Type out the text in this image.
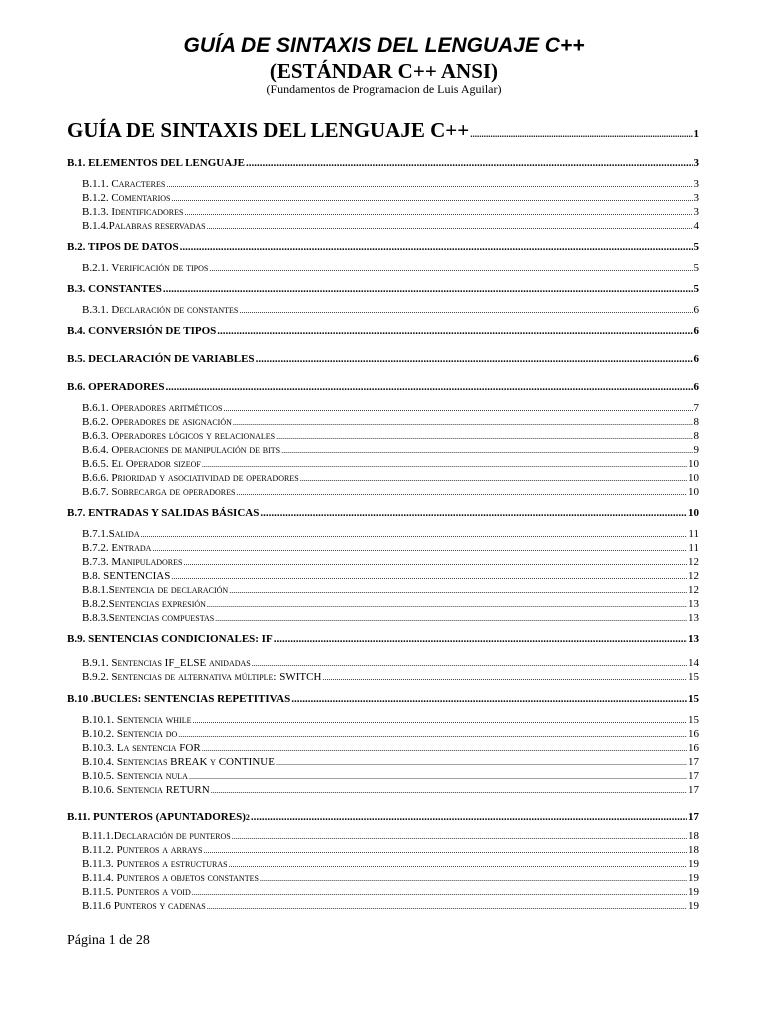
GUÍA DE SINTAXIS DEL LENGUAJE C++
(ESTÁNDAR C++ ANSI)
(Fundamentos de Programacion de Luis Aguilar)
GUÍA DE SINTAXIS DEL LENGUAJE C++ .....	1
B.1. ELEMENTOS DEL LENGUAJE .....	3
B.1.1. Caracteres .....	3
B.1.2. Comentarios .....	3
B.1.3. Identificadores .....	3
B.1.4.Palabras reservadas .....	4
B.2. TIPOS DE DATOS .....	5
B.2.1. Verificación de tipos .....	5
B.3. CONSTANTES .....	5
B.3.1. Declaración de constantes .....	6
B.4. CONVERSIÓN DE TIPOS .....	6
B.5. DECLARACIÓN DE VARIABLES .....	6
B.6. OPERADORES .....	6
B.6.1. Operadores aritméticos .....	7
B.6.2. Operadores de asignación .....	8
B.6.3. Operadores lógicos y relacionales .....	8
B.6.4. Operaciones de manipulación de bits .....	9
B.6.5. El Operador sizeof .....	10
B.6.6. Prioridad y asociatividad de operadores .....	10
B.6.7. Sobrecarga de operadores .....	10
B.7. ENTRADAS Y SALIDAS BÁSICAS .....	10
B.7.1.Salida .....	11
B.7.2. Entrada .....	11
B.7.3. Manipuladores .....	12
B.8. SENTENCIAS .....	12
B.8.1.Sentencia de declaración .....	12
B.8.2.Sentencias expresión .....	13
B.8.3.Sentencias compuestas .....	13
B.9. SENTENCIAS CONDICIONALES: IF .....	13
B.9.1. Sentencias IF_ELSE anidadas .....	14
B.9.2. Sentencias de alternativa múltiple: SWITCH .....	15
B.10 .BUCLES: SENTENCIAS REPETITIVAS .....	15
B.10.1. Sentencia while .....	15
B.10.2. Sentencia do .....	16
B.10.3. La sentencia FOR .....	16
B.10.4. Sentencias BREAK y CONTINUE .....	17
B.10.5. Sentencia nula .....	17
B.10.6. Sentencia RETURN .....	17
B.11. PUNTEROS (APUNTADORES) 2 .....	17
B.11.1.Declaración de punteros .....	18
B.11.2. Punteros a arrays .....	18
B.11.3. Punteros a estructuras .....	19
B.11.4. Punteros a objetos constantes .....	19
B.11.5. Punteros a void .....	19
B.11.6 Punteros y cadenas .....	19
Página 1 de 28
